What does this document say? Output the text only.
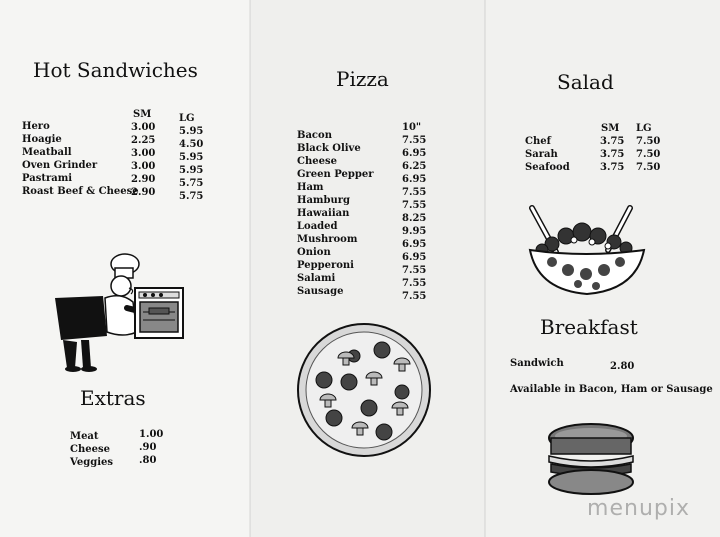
Hot Sandwiches
SM	LG
Hero
Hoagie
Meatball
Oven Grinder
Pastrami
Roast Beef & Cheese
3.00
2.25
3.00
3.00
2.90
2.90
5.95
4.50
5.95
5.95
5.75
5.75
Extras
Meat
Cheese
Veggies
1.00
.90
.80
Pizza
10"
Bacon
Black Olive
Cheese
Green Pepper
Ham
Hamburg
Hawaiian
Loaded
Mushroom
Onion
Pepperoni
Salami
Sausage
7.55
6.95
6.25
6.95
7.55
7.55
8.25
9.95
6.95
6.95
7.55
7.55
7.55
Salad
SM LG
Chef
Sarah
Seafood
3.75
3.75
3.75
7.50
7.50
7.50
Breakfast
Sandwich	2.80
Available in Bacon, Ham or Sausage
menupix
